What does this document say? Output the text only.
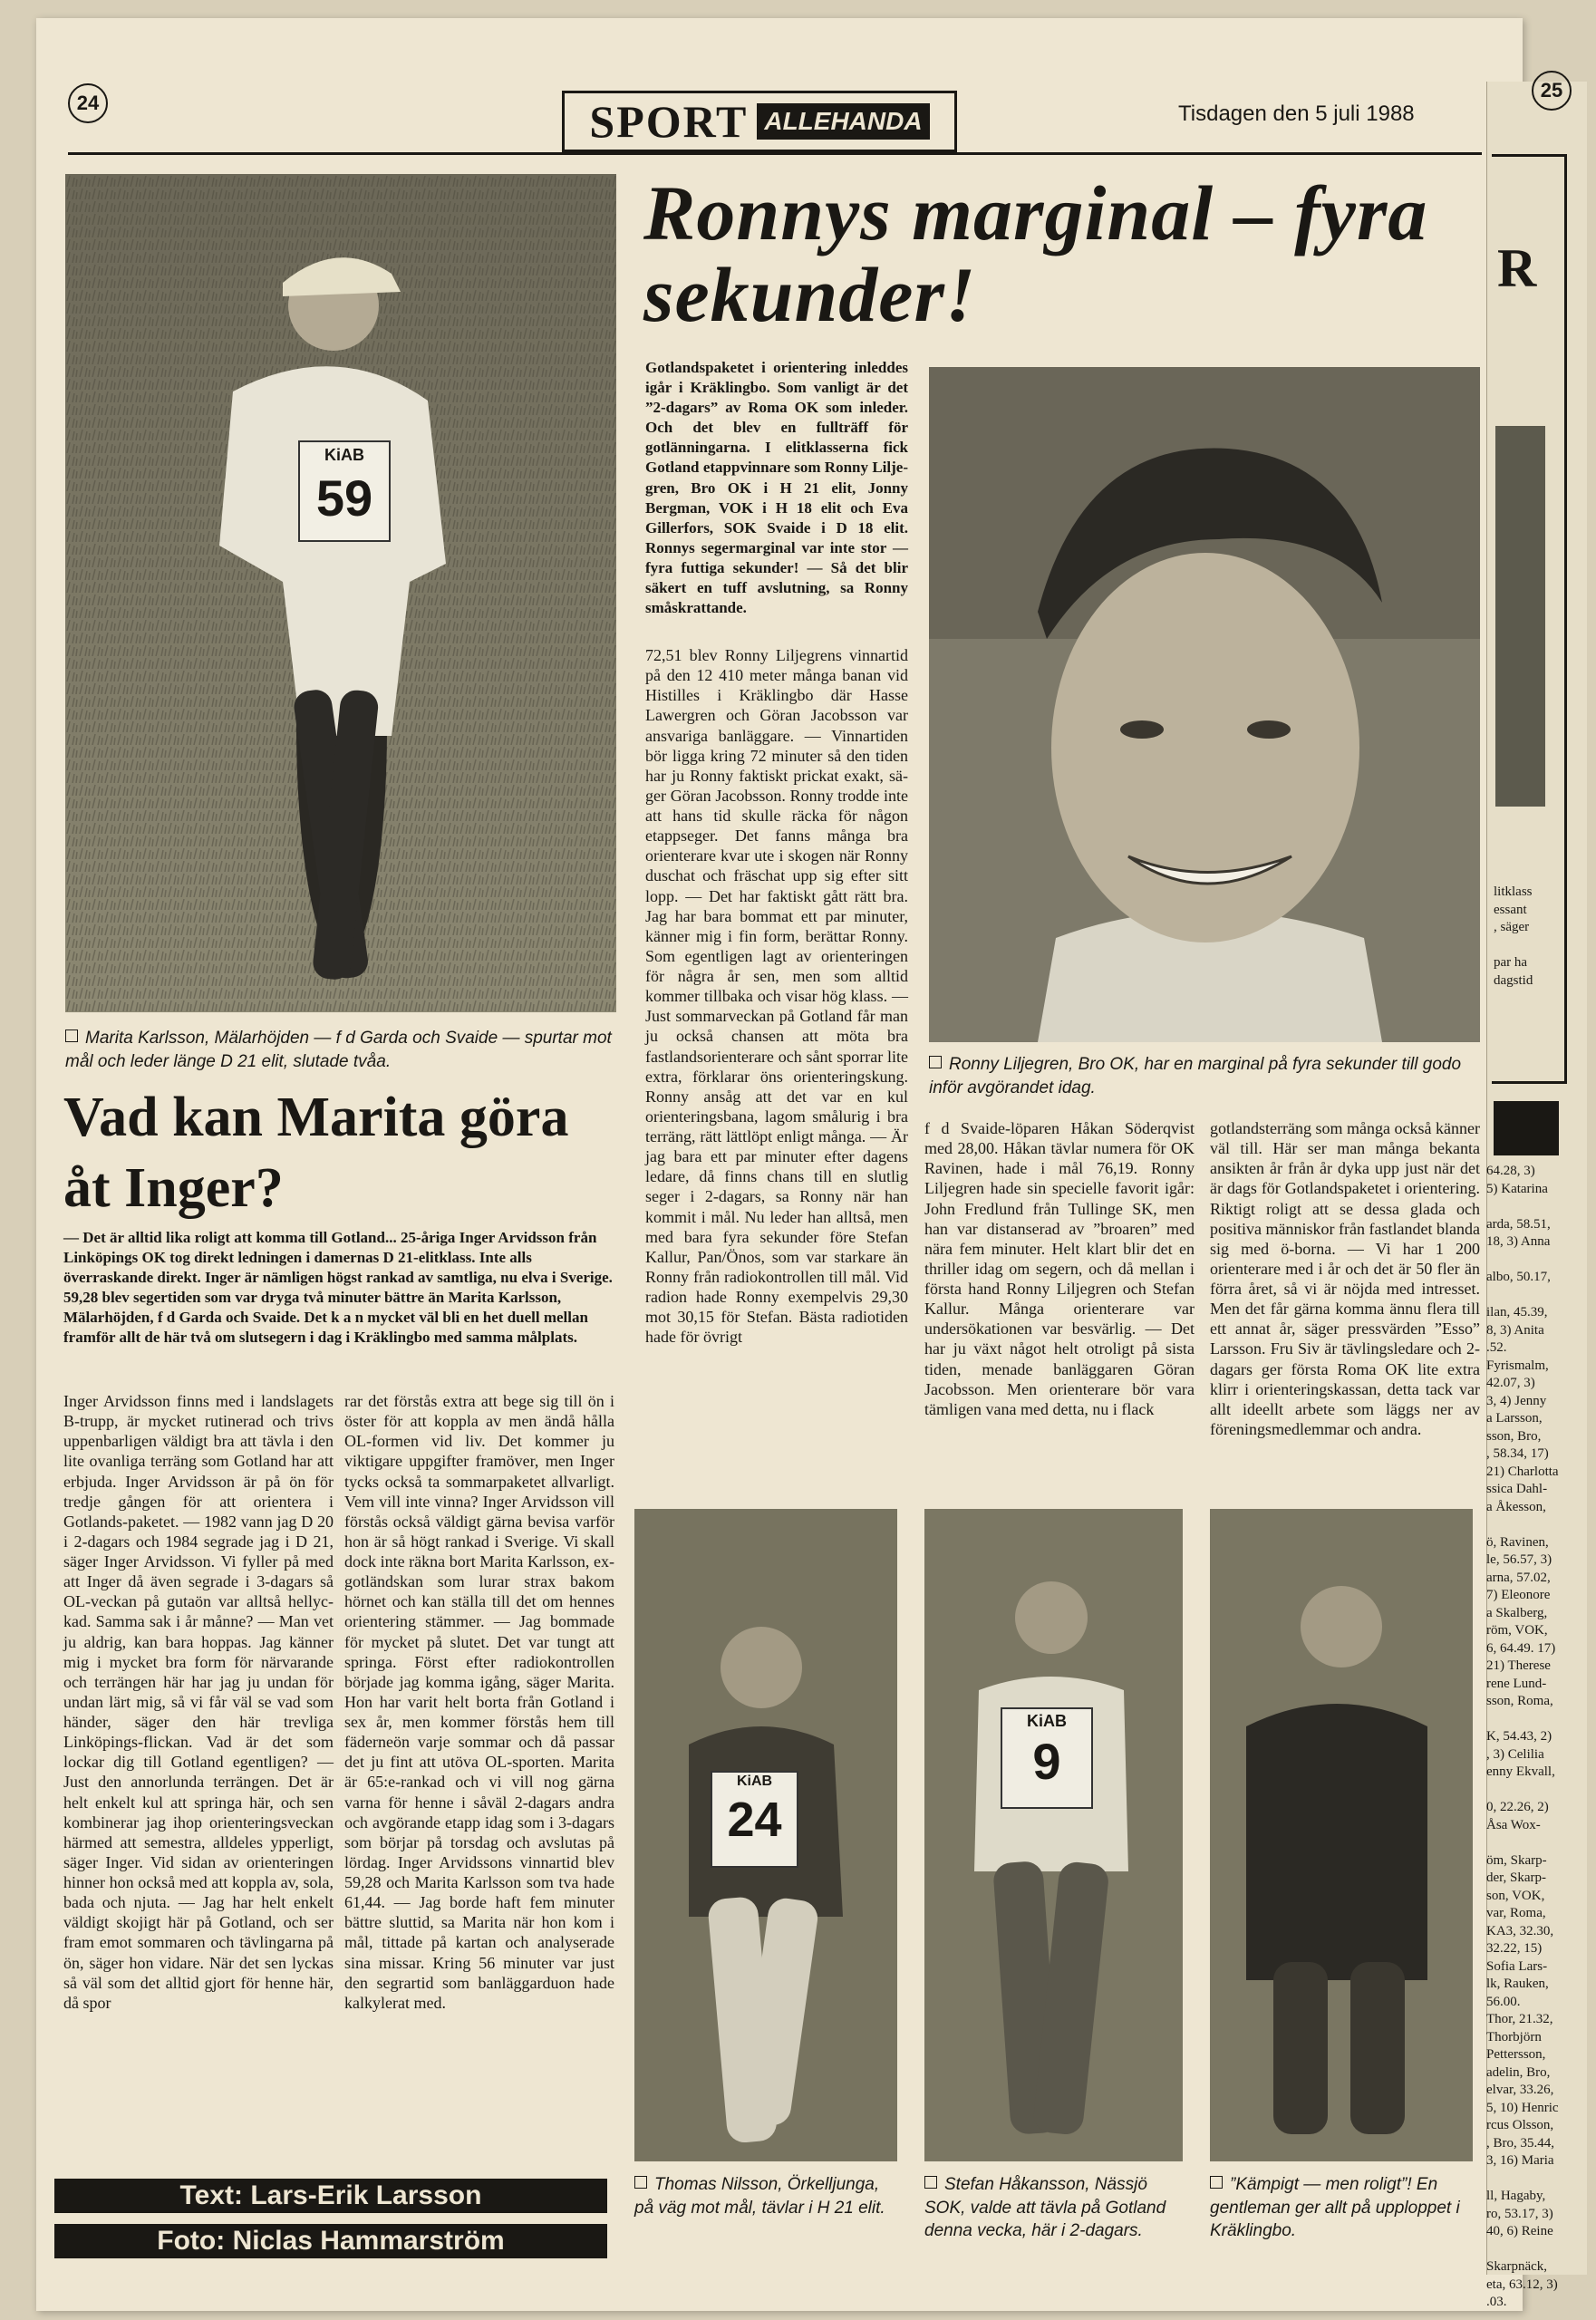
24
25
SPORT ALLEHANDA	Tisdagen den 5 juli 1988
KiAB
59
Marita Karlsson, Mälarhöjden — f d Garda och Svaide — spurtar mot mål och leder länge D 21 elit, slutade tvåa.
Vad kan Marita göra åt Inger?
— Det är alltid lika roligt att komma till Gotland... 25-åriga Inger Arvidsson från Linköpings OK tog direkt ledningen i damernas D 21-elitklass. Inte alls överraskande direkt. Inger är nämligen högst rankad av samtliga, nu elva i Sverige. 59,28 blev segertiden som var dryga två minuter bättre än Marita Karlsson, Mälarhöjden, f d Garda och Svaide. Det k a n mycket väl bli en het duell mellan framför allt de här två om slutsegern i dag i Kräklingbo med samma målplats.
Inger Arvidsson finns med i landslagets B-trupp, är mycket rutinerad och trivs uppenbarligen väldigt bra att tävla i den lite ovanliga terräng som Gotland har att erbjuda. Inger Arvidsson är på ön för tredje gången för att orientera i Gotlands-paketet. — 1982 vann jag D 20 i 2-dagars och 1984 segrade jag i D 21, säger Inger Arvidsson. Vi fyller på med att Inger då även segrade i 3-dagars så OL-veckan på gutaön var alltså hellyckad. Samma sak i år månne? — Man vet ju aldrig, kan bara hoppas. Jag känner mig i mycket bra form för närvarande och terrängen här har jag ju undan för undan lärt mig, så vi får väl se vad som händer, säger den här trevliga Linköpings-flickan. Vad är det som lockar dig till Gotland egentligen? — Just den annorlunda terrängen. Det är helt enkelt kul att springa här, och sen kombinerar jag ihop orienteringsveckan härmed att semestra, alldeles ypperligt, säger Inger. Vid sidan av orienteringen hinner hon också med att koppla av, sola, bada och njuta. — Jag har helt enkelt väldigt skojigt här på Gotland, och ser fram emot sommaren och tävlingarna på ön, säger hon vidare. När det sen lyckas så väl som det alltid gjort för henne här, då spor
rar det förstås extra att bege sig till ön i öster för att koppla av men ändå hålla OL-formen vid liv. Det kommer ju viktigare uppgifter framöver, men Inger tycks också ta sommarpaketet allvarligt. Vem vill inte vinna? Inger Arvidsson vill förstås också väldigt gärna bevisa varför hon är så högt rankad i Sverige. Vi skall dock inte räkna bort Marita Karlsson, ex-gotländskan som lurar strax bakom hörnet och kan ställa till det om hennes orientering stämmer. — Jag bommade för mycket på slutet. Det var tungt att springa. Först efter radiokontrollen började jag komma igång, säger Marita. Hon har varit helt borta från Gotland i sex år, men kommer förstås hem till fäderneön varje sommar och då passar det ju fint att utöva OL-sporten. Marita är 65:e-rankad och vi vill nog gärna varna för henne i såväl 2-dagars andra och avgörande etapp idag som i 3-dagars som börjar på torsdag och avslutas på lördag. Inger Arvidssons vinnartid blev 59,28 och Marita Karlsson som tva hade 61,44. — Jag borde haft fem minuter bättre sluttid, sa Marita när hon kom i mål, tittade på kartan och analyserade sina missar. Kring 56 minuter var just den segrartid som banläggarduon hade kalkylerat med.
Text: Lars-Erik Larsson
Foto: Niclas Hammarström
Ronnys marginal – fyra sekunder!
Gotlandspaketet i orientering inleddes igår i Kräklingbo. Som vanligt är det ”2-dagars” av Roma OK som inleder. Och det blev en fullträff för gotlänningarna. I elitklasserna fick Gotland etappvinnare som Ronny Liljegren, Bro OK i H 21 elit, Jonny Bergman, VOK i H 18 elit och Eva Gillerfors, SOK Svaide i D 18 elit. Ronnys segermarginal var inte stor — fyra futtiga sekunder! — Så det blir säkert en tuff avslutning, sa Ronny småskrattande.
72,51 blev Ronny Liljegrens vinnartid på den 12 410 meter många banan vid Histilles i Kräklingbo där Hasse Lawergren och Göran Jacobsson var ansvariga banläggare. — Vinnartiden bör ligga kring 72 minuter så den tiden har ju Ronny faktiskt prickat exakt, säger Göran Jacobsson. Ronny trodde inte att hans tid skulle räcka för någon etappseger. Det fanns många bra orienterare kvar ute i skogen när Ronny duschat och fräschat upp sig efter sitt lopp. — Det har faktiskt gått rätt bra. Jag har bara bommat ett par minuter, känner mig i fin form, berättar Ronny. Som egentligen lagt av orienteringen för några år sen, men som alltid kommer tillbaka och visar hög klass. — Just sommarveckan på Gotland får man ju också chansen att möta bra fastlandsorienterare och sånt sporrar lite extra, förklarar öns orienteringskung. Ronny ansåg att det var en kul orienteringsbana, lagom smålurig i bra terräng, rätt lättlöpt enligt många. — Är jag bara ett par minuter efter dagens ledare, då finns chans till en slutlig seger i 2-dagars, sa Ronny när han kommit i mål. Nu leder han alltså, men med bara fyra sekunder före Stefan Kallur, Pan/Önos, som var starkare än Ronny från radiokontrollen till mål. Vid radion hade Ronny exempelvis 29,30 mot 30,15 för Stefan. Bästa radiotiden hade för övrigt
Ronny Liljegren, Bro OK, har en marginal på fyra sekunder till godo inför avgörandet idag.
f d Svaide-löparen Håkan Söderqvist med 28,00. Håkan tävlar numera för OK Ravinen, hade i mål 76,19. Ronny Liljegren hade sin specielle favorit igår: John Fredlund från Tullinge SK, men han var distanserad av ”broaren” med nära fem minuter. Helt klart blir det en thriller idag om segern, och då mellan i första hand Ronny Liljegren och Stefan Kallur. Många orienterare var undersökationen var besvärlig. — Det har ju växt något helt otroligt på sista tiden, menade banläggaren Göran Jacobsson. Men orienterare bör vara tämligen vana med detta, nu i flack
gotlandsterräng som många också känner väl till. Här ser man många bekanta ansikten år från år dyka upp just när det är dags för Gotlandspaketet i orientering. Riktigt roligt att se dessa glada och positiva människor från fastlandet blanda sig med ö-borna. — Vi har 1 200 orienterare med i år och det är 50 fler än förra året, så vi är nöjda med intresset. Men det får gärna komma ännu flera till ett annat år, säger pressvärden ”Esso” Larsson. Fru Siv är tävlingsledare och 2-dagars ger första Roma OK lite extra klirr i orienteringskassan, detta tack var allt ideellt arbete som läggs ner av föreningsmedlemmar och andra.
KiAB
24
Thomas Nilsson, Örkelljunga, på väg mot mål, tävlar i H 21 elit.
KiAB
9
Stefan Håkansson, Nässjö SOK, valde att tävla på Gotland denna vecka, här i 2-dagars.
”Kämpigt — men roligt”! En gentleman ger allt på upploppet i Kräklingbo.
R
litklass
essant
, säger

par ha
dagstid
64.28, 3)
5) Katarina

arda, 58.51,
18, 3) Anna

albo, 50.17,

ilan, 45.39,
8, 3) Anita
.52.
Fyrismalm,
42.07, 3)
3, 4) Jenny
a Larsson,
sson, Bro,
, 58.34, 17)
21) Charlotta
ssica Dahl-
a Åkesson,

ö, Ravinen,
le, 56.57, 3)
arna, 57.02,
7) Eleonore
a Skalberg,
röm, VOK,
6, 64.49. 17)
21) Therese
rene Lund-
sson, Roma,

K, 54.43, 2)
, 3) Celilia
enny Ekvall,

0, 22.26, 2)
Åsa Wox-

öm, Skarp-
der, Skarp-
son, VOK,
var, Roma,
KA3, 32.30,
32.22, 15)
Sofia Lars-
lk, Rauken,
56.00.
Thor, 21.32,
Thorbjörn
Pettersson,
adelin, Bro,
elvar, 33.26,
5, 10) Henric
rcus Olsson,
, Bro, 35.44,
3, 16) Maria

ll, Hagaby,
ro, 53.17, 3)
40, 6) Reine

Skarpnäck,
eta, 63.12, 3)
.03.
